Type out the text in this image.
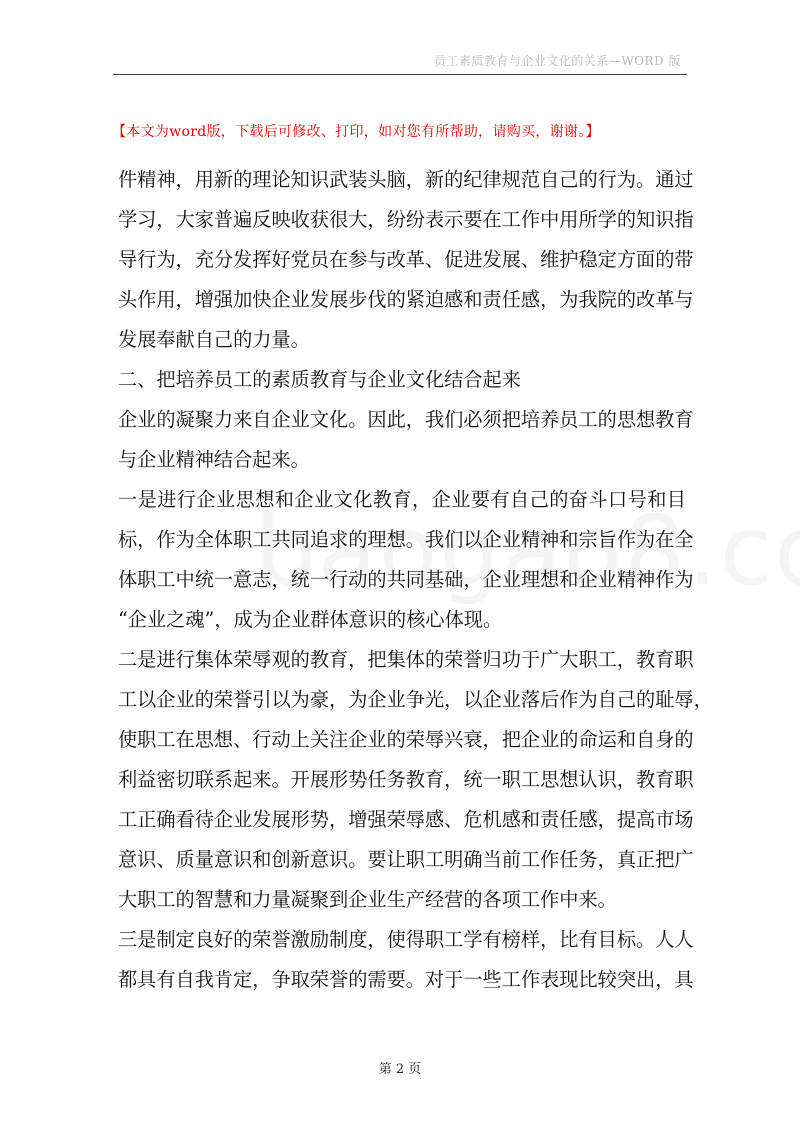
员工素质教育与企业文化的关系—WORD 版
【本文为word版，下载后可修改、打印，如对您有所帮助，请购买，谢谢。】
件精神，用新的理论知识武装头脑，新的纪律规范自己的行为。通过
学习，大家普遍反映收获很大，纷纷表示要在工作中用所学的知识指
导行为，充分发挥好党员在参与改革、促进发展、维护稳定方面的带
头作用，增强加快企业发展步伐的紧迫感和责任感，为我院的改革与
发展奉献自己的力量。
二、把培养员工的素质教育与企业文化结合起来
企业的凝聚力来自企业文化。因此，我们必须把培养员工的思想教育
与企业精神结合起来。
一是进行企业思想和企业文化教育，企业要有自己的奋斗口号和目
标，作为全体职工共同追求的理想。我们以企业精神和宗旨作为在全
体职工中统一意志，统一行动的共同基础，企业理想和企业精神作为
“企业之魂”，成为企业群体意识的核心体现。
二是进行集体荣辱观的教育，把集体的荣誉归功于广大职工，教育职
工以企业的荣誉引以为豪，为企业争光，以企业落后作为自己的耻辱，
使职工在思想、行动上关注企业的荣辱兴衰，把企业的命运和自身的
利益密切联系起来。开展形势任务教育，统一职工思想认识，教育职
工正确看待企业发展形势，增强荣辱感、危机感和责任感，提高市场
意识、质量意识和创新意识。要让职工明确当前工作任务，真正把广
大职工的智慧和力量凝聚到企业生产经营的各项工作中来。
三是制定良好的荣誉激励制度，使得职工学有榜样，比有目标。人人
都具有自我肯定，争取荣誉的需要。对于一些工作表现比较突出，具
第 2 页
